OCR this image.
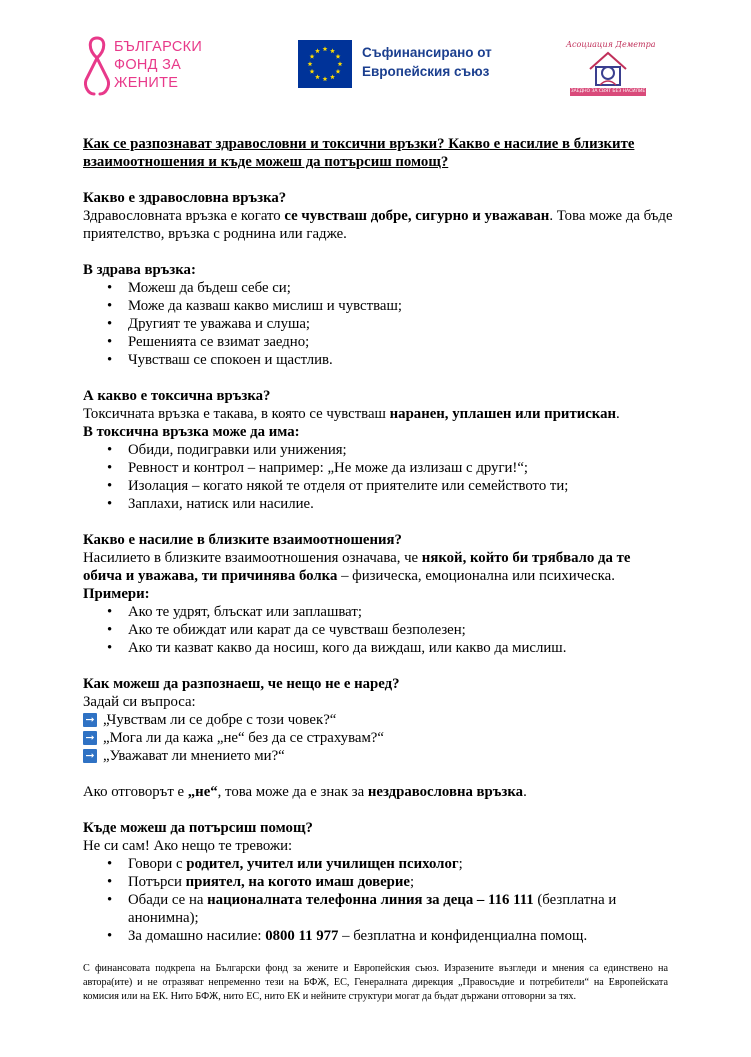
БЪЛГАРСКИ
ФОНД ЗА
ЖЕНИТЕ
Съфинансирано от
Европейския съюз
Асоциация Деметра
ЗАЕДНО ЗА СВЯТ БЕЗ НАСИЛИЕ

Как се разпознават здравословни и токсични връзки? Какво е насилие в близките взаимоотношения и къде можеш да потърсиш помощ?

Какво е здравословна връзка?

Здравословната връзка е когато се чувстваш добре, сигурно и уважаван. Това може да бъде приятелство, връзка с роднина или гадже.

В здрава връзка:

• Можеш да бъдеш себе си;
• Може да казваш какво мислиш и чувстваш;
• Другият те уважава и слуша;
• Решенията се взимат заедно;
• Чувстваш се спокоен и щастлив.

А какво е токсична връзка?

Токсичната връзка е такава, в която се чувстваш наранен, уплашен или притискан.

В токсична връзка може да има:

• Обиди, подигравки или унижения;
• Ревност и контрол – например: „Не може да излизаш с други!“;
• Изолация – когато някой те отделя от приятелите или семейството ти;
• Заплахи, натиск или насилие.

Какво е насилие в близките взаимоотношения?

Насилието в близките взаимоотношения означава, че някой, който би трябвало да те обича и уважава, ти причинява болка – физическа, емоционална или психическа.

Примери:

• Ако те удрят, блъскат или заплашват;
• Ако те обиждат или карат да се чувстваш безполезен;
• Ако ти казват какво да носиш, кого да виждаш, или какво да мислиш.

Как можеш да разпознаеш, че нещо не е наред?

Задай си въпроса:

➞ „Чувствам ли се добре с този човек?“
➞ „Мога ли да кажа „не“ без да се страхувам?“
➞ „Уважават ли мнението ми?“

Ако отговорът е „не“, това може да е знак за нездравословна връзка.

Къде можеш да потърсиш помощ?

Не си сам! Ако нещо те тревожи:

• Говори с родител, учител или училищен психолог;
• Потърси приятел, на когото имаш доверие;
• Обади се на националната телефонна линия за деца – 116 111 (безплатна и анонимна);
• За домашно насилие: 0800 11 977 – безплатна и конфиденциална помощ.

С финансовата подкрепа на Български фонд за жените и Европейския съюз. Изразените възгледи и мнения са единствено на автора(ите) и не отразяват непременно тези на БФЖ, ЕС, Генералната дирекция „Правосъдие и потребители“ на Европейската комисия или на ЕК. Нито БФЖ, нито ЕС, нито ЕК и нейните структури могат да бъдат държани отговорни за тях.
